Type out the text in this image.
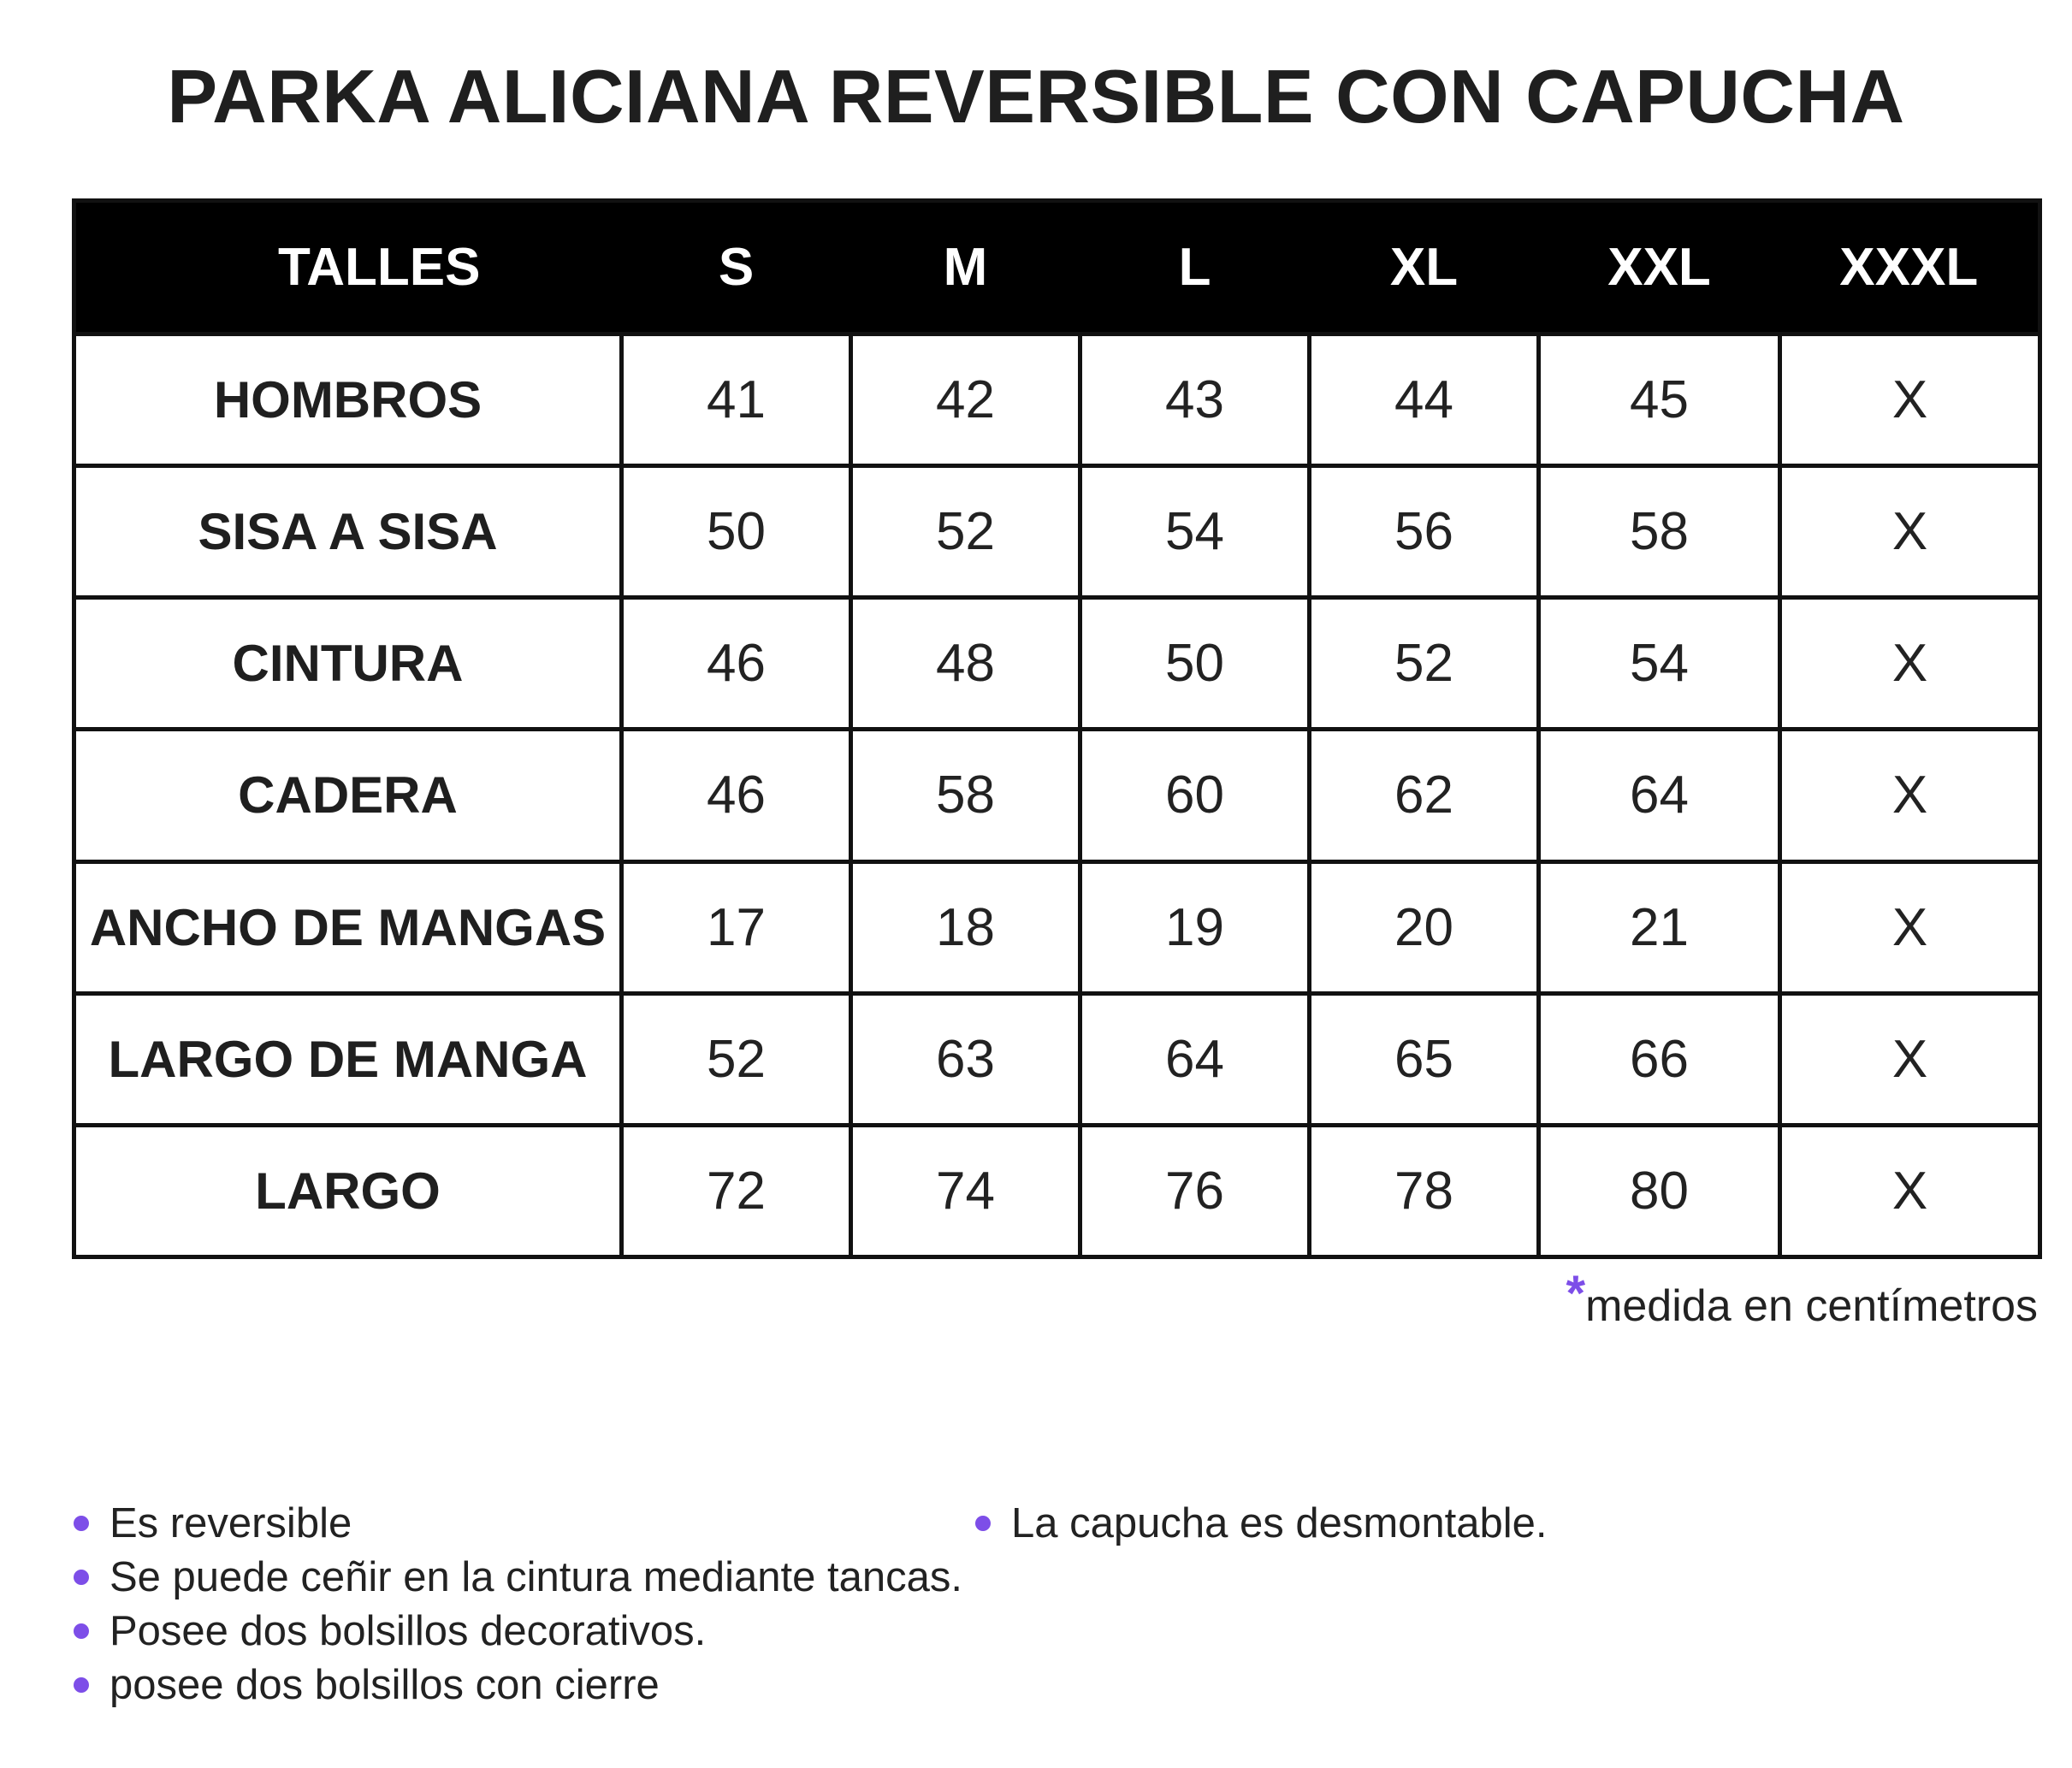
PARKA ALICIANA REVERSIBLE CON CAPUCHA
TALLES	S	M	L	XL	XXL	XXXL
HOMBROS	41	42	43	44	45	X
SISA A SISA	50	52	54	56	58	X
CINTURA	46	48	50	52	54	X
CADERA	46	58	60	62	64	X
ANCHO DE MANGAS	17	18	19	20	21	X
LARGO DE MANGA	52	63	64	65	66	X
LARGO	72	74	76	78	80	X
*medida en centímetros
Es reversible
Se puede ceñir en la cintura mediante tancas.
Posee dos bolsillos decorativos.
posee dos bolsillos con cierre
La capucha es desmontable.
